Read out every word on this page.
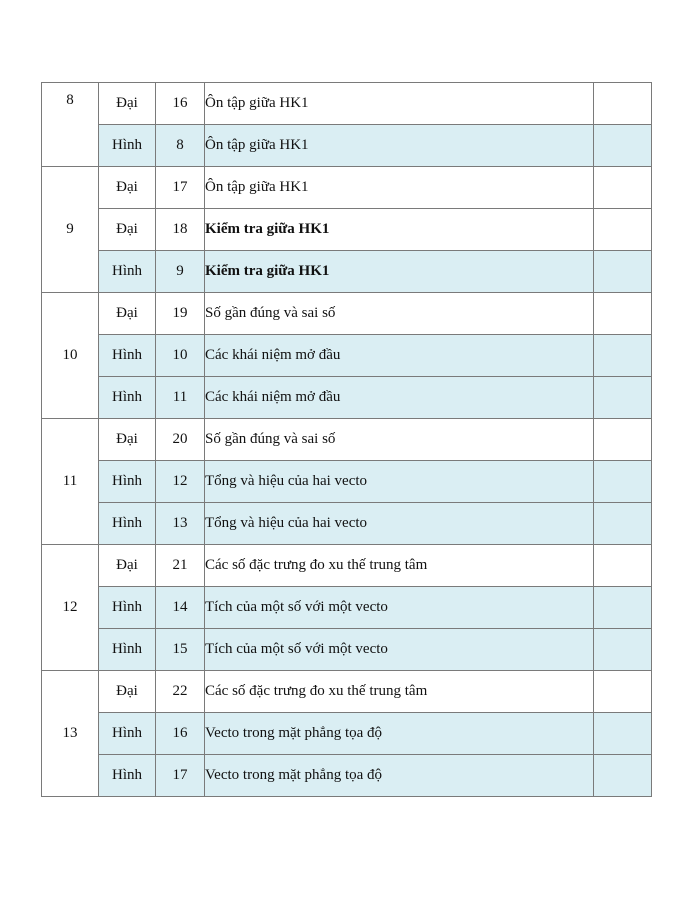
8	Đại	16	Ôn tập giữa HK1	
	Hình	8	Ôn tập giữa HK1	
9	Đại	17	Ôn tập giữa HK1	
	Đại	18	Kiểm tra giữa HK1	
	Hình	9	Kiểm tra giữa HK1	
10	Đại	19	Số gần đúng và sai số	
	Hình	10	Các khái niệm mở đầu	
	Hình	11	Các khái niệm mở đầu	
11	Đại	20	Số gần đúng và sai số	
	Hình	12	Tổng và hiệu của hai vecto	
	Hình	13	Tổng và hiệu của hai vecto	
12	Đại	21	Các số đặc trưng đo xu thế trung tâm	
	Hình	14	Tích của một số với một vecto	
	Hình	15	Tích của một số với một vecto	
13	Đại	22	Các số đặc trưng đo xu thế trung tâm	
	Hình	16	Vecto trong mặt phẳng tọa độ	
	Hình	17	Vecto trong mặt phẳng tọa độ	
